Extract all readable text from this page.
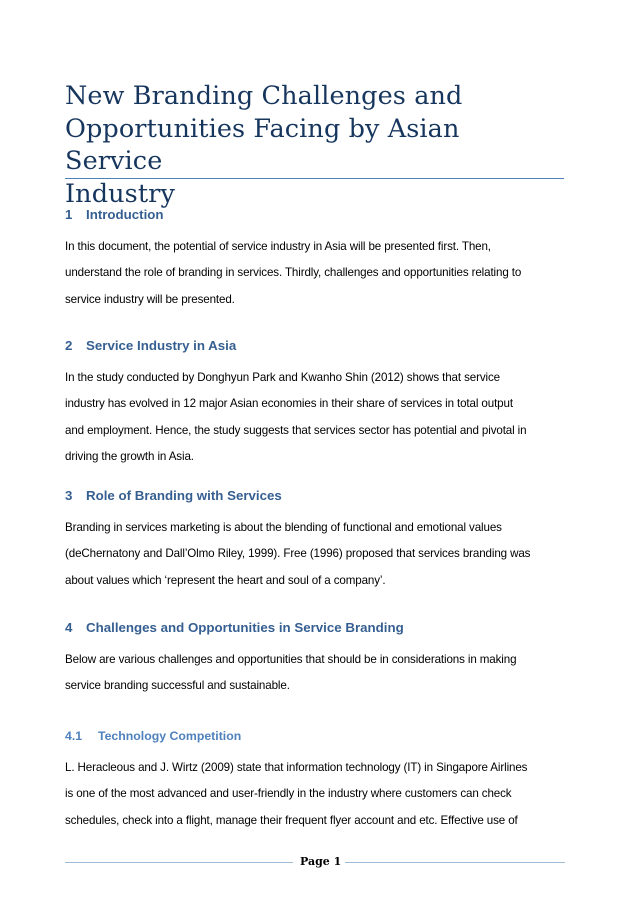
New Branding Challenges and
Opportunities Facing by Asian Service
Industry
1 Introduction

In this document, the potential of service industry in Asia will be presented first. Then,
understand the role of branding in services. Thirdly, challenges and opportunities relating to
service industry will be presented.

2 Service Industry in Asia

In the study conducted by Donghyun Park and Kwanho Shin (2012) shows that service
industry has evolved in 12 major Asian economies in their share of services in total output
and employment. Hence, the study suggests that services sector has potential and pivotal in
driving the growth in Asia.

3 Role of Branding with Services

Branding in services marketing is about the blending of functional and emotional values
(deChernatony and Dall’Olmo Riley, 1999). Free (1996) proposed that services branding was
about values which ‘represent the heart and soul of a company’.

4 Challenges and Opportunities in Service Branding

Below are various challenges and opportunities that should be in considerations in making
service branding successful and sustainable.

4.1 Technology Competition

L. Heracleous and J. Wirtz (2009) state that information technology (IT) in Singapore Airlines
is one of the most advanced and user-friendly in the industry where customers can check
schedules, check into a flight, manage their frequent flyer account and etc. Effective use of

Page 1
